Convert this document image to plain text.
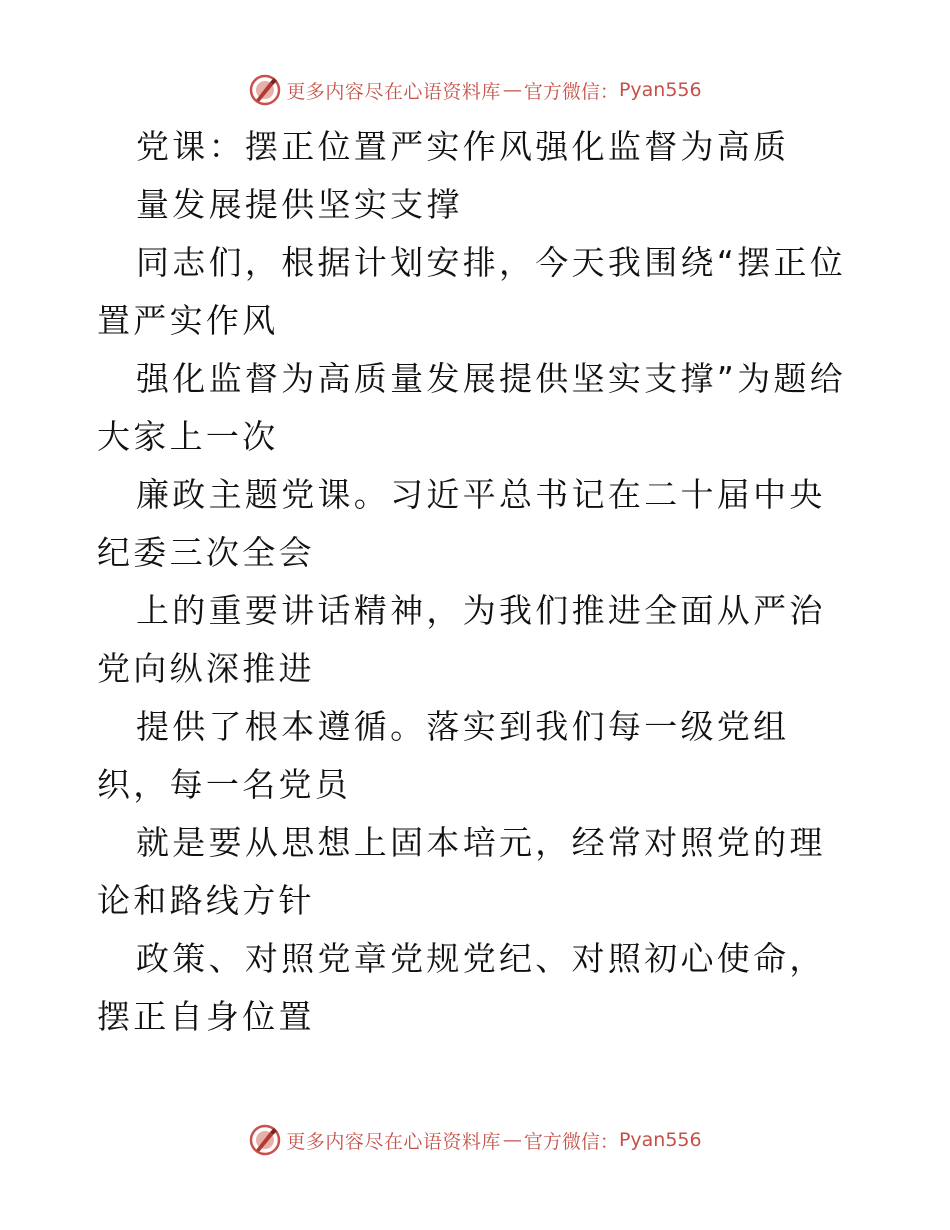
更多内容尽在心语资料库 — 官方微信： Pyan556

党课：摆正位置严实作风强化监督为高质

量发展提供坚实支撑

同志们，根据计划安排，今天我围绕“摆正位置严实作风

强化监督为高质量发展提供坚实支撑”为题给大家上一次

廉政主题党课。习近平总书记在二十届中央纪委三次全会

上的重要讲话精神，为我们推进全面从严治党向纵深推进

提供了根本遵循。落实到我们每一级党组织，每一名党员

就是要从思想上固本培元，经常对照党的理论和路线方针

政策、对照党章党规党纪、对照初心使命，摆正自身位置

更多内容尽在心语资料库 — 官方微信： Pyan556
